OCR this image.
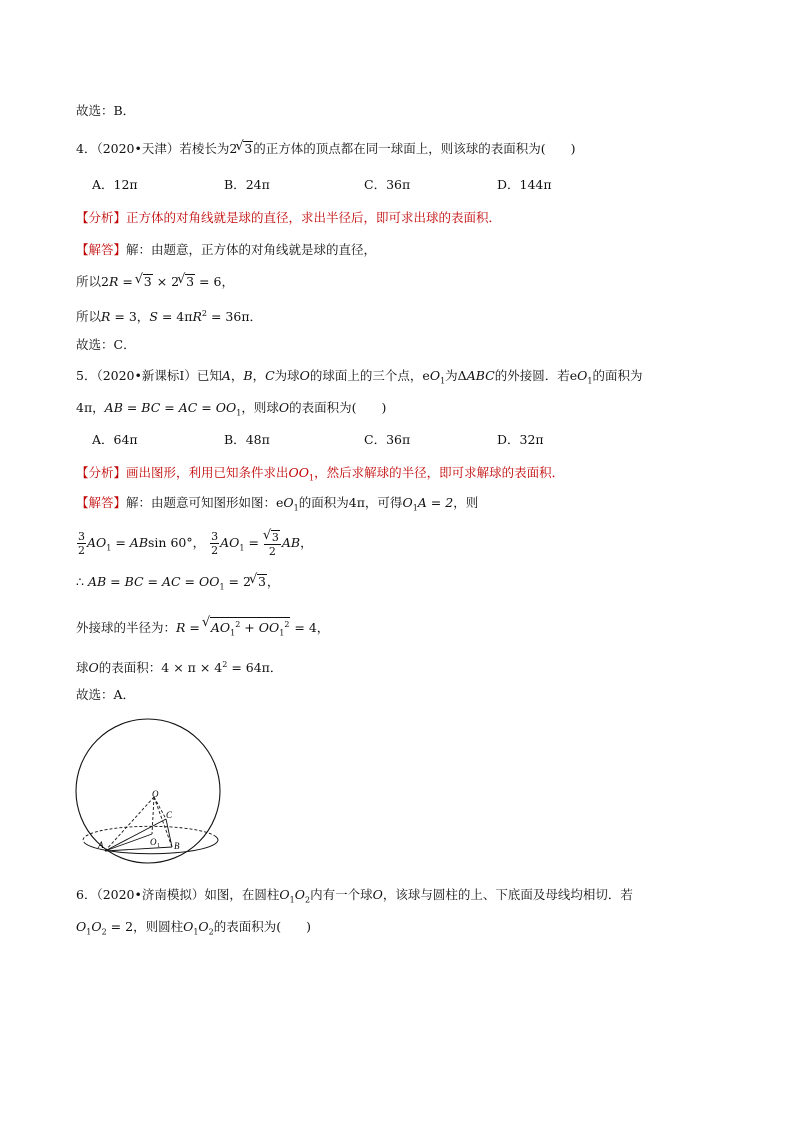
故选：B．
4．（2020•天津）若棱长为2√ 3的正方体的顶点都在同一球面上，则该球的表面积为(　　)
A．12π	B．24π	C．36π	D．144π
【分析】正方体的对角线就是球的直径，求出半径后，即可求出球的表面积．
【解答】解：由题意，正方体的对角线就是球的直径，
所以2R = √ 3 × 2√ 3 = 6，
所以R = 3，$S = 4\pi R^2 = 36\pi$．
故选：C．
5．（2020•新课标Ⅰ）已知A，B，C为球O的球面上的三个点，$eO_1$为ΔABC的外接圆．若$eO_1$的面积为
4π，AB = BC = AC = $OO_1$，则球O的表面积为(　　)
A．64π	B．48π	C．36π	D．32π
【分析】画出图形，利用已知条件求出$OO_1$，然后求解球的半径，即可求解球的表面积．
【解答】解：由题意可知图形如图：$eO_1$的面积为4π，可得$O_1A = 2$，则
$\frac{3}{2} AO_1 = ABsin$ 60°， $\frac{3}{2} AO_1$ =
√ $\frac{3}{2}$ AB，
∴ AB = BC = AC = $OO_1 = 2√$ 3，
外接球的半径为：R = √ $AO_1^2 + OO_1^2 = 4$，
球O的表面积：$4 \times \pi \times 4^2 = 64\pi$．
故选：A．
O
C
A	O 1 B
6．（2020•济南模拟）如图，在圆柱$O_1O_2$内有一个球O，该球与圆柱的上、下底面及母线均相切．若
$O_1O_2 = 2$，则圆柱$O_1O_2$的表面积为(　　)
